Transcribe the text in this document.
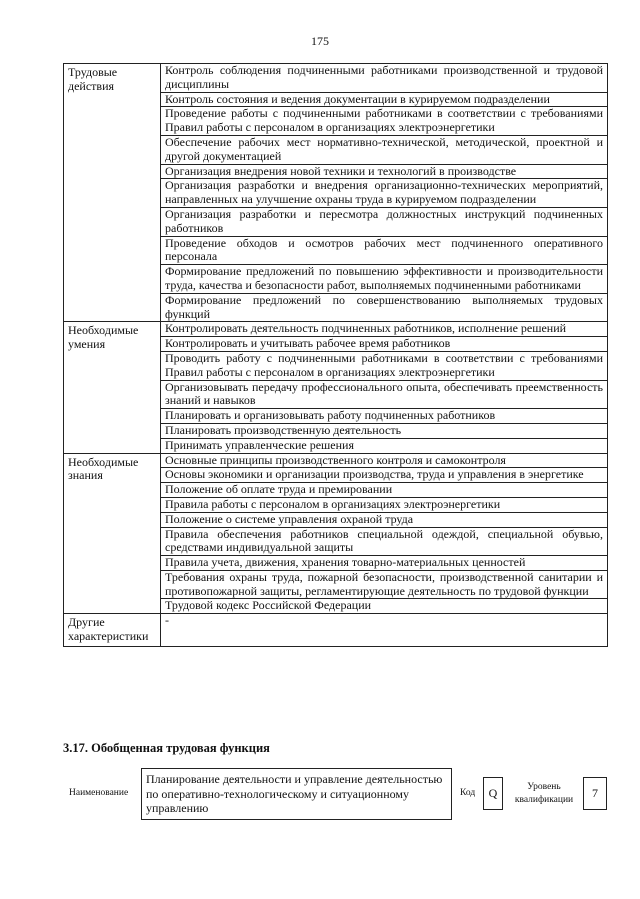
175
Трудовые действия	Контроль соблюдения подчиненными работниками производственной и трудовой дисциплины
	Контроль состояния и ведения документации в курируемом подразделении
	Проведение работы с подчиненными работниками в соответствии с требованиями Правил работы с персоналом в организациях электроэнергетики
	Обеспечение рабочих мест нормативно-технической, методической, проектной и другой документацией
	Организация внедрения новой техники и технологий в производстве
	Организация разработки и внедрения организационно-технических мероприятий, направленных на улучшение охраны труда в курируемом подразделении
	Организация разработки и пересмотра должностных инструкций подчиненных работников
	Проведение обходов и осмотров рабочих мест подчиненного оперативного персонала
	Формирование предложений по повышению эффективности и производительности труда, качества и безопасности работ, выполняемых подчиненными работниками
	Формирование предложений по совершенствованию выполняемых трудовых функций
Необходимые умения	Контролировать деятельность подчиненных работников, исполнение решений
	Контролировать и учитывать рабочее время работников
	Проводить работу с подчиненными работниками в соответствии с требованиями Правил работы с персоналом в организациях электроэнергетики
	Организовывать передачу профессионального опыта, обеспечивать преемственность знаний и навыков
	Планировать и организовывать работу подчиненных работников
	Планировать производственную деятельность
	Принимать управленческие решения
Необходимые знания	Основные принципы производственного контроля и самоконтроля
	Основы экономики и организации производства, труда и управления в энергетике
	Положение об оплате труда и премировании
	Правила работы с персоналом в организациях электроэнергетики
	Положение о системе управления охраной труда
	Правила обеспечения работников специальной одеждой, специальной обувью, средствами индивидуальной защиты
	Правила учета, движения, хранения товарно-материальных ценностей
	Требования охраны труда, пожарной безопасности, производственной санитарии и противопожарной защиты, регламентирующие деятельность по трудовой функции
	Трудовой кодекс Российской Федерации
Другие характеристики	-
3.17. Обобщенная трудовая функция
Наименование
Планирование деятельности и управление деятельностью по оперативно-технологическому и ситуационному управлению
Код	Q	Уровень квалификации	7
